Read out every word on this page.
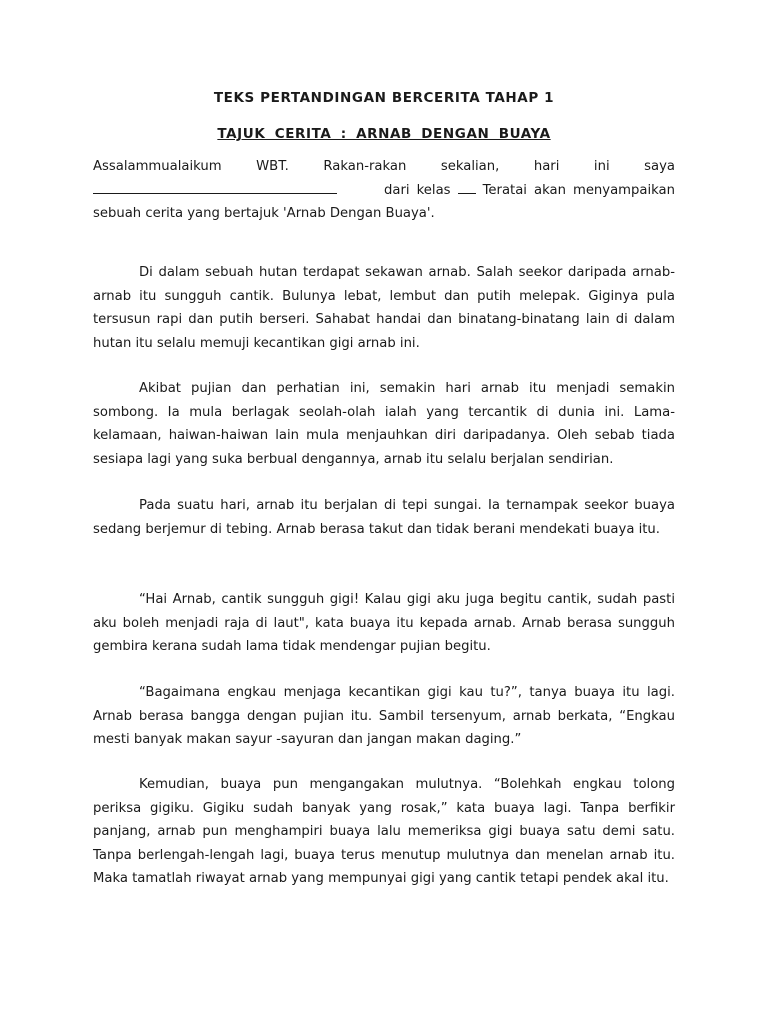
TEKS PERTANDINGAN BERCERITA TAHAP 1
TAJUK CERITA : ARNAB DENGAN BUAYA

Assalammualaikum WBT. Rakan-rakan sekalian, hari ini saya  dari kelas Teratai akan menyampaikan sebuah cerita yang bertajuk 'Arnab Dengan Buaya'.

Di dalam sebuah hutan terdapat sekawan arnab. Salah seekor daripada arnab-arnab itu sungguh cantik. Bulunya lebat, lembut dan putih melepak. Giginya pula tersusun rapi dan putih berseri. Sahabat handai dan binatang-binatang lain di dalam hutan itu selalu memuji kecantikan gigi arnab ini.

Akibat pujian dan perhatian ini, semakin hari arnab itu menjadi semakin sombong. Ia mula berlagak seolah-olah ialah yang tercantik di dunia ini. Lama-kelamaan, haiwan-haiwan lain mula menjauhkan diri daripadanya. Oleh sebab tiada sesiapa lagi yang suka berbual dengannya, arnab itu selalu berjalan sendirian.

Pada suatu hari, arnab itu berjalan di tepi sungai. Ia ternampak seekor buaya sedang berjemur di tebing. Arnab berasa takut dan tidak berani mendekati buaya itu.

“Hai Arnab, cantik sungguh gigi! Kalau gigi aku juga begitu cantik, sudah pasti aku boleh menjadi raja di laut", kata buaya itu kepada arnab. Arnab berasa sungguh gembira kerana sudah lama tidak mendengar pujian begitu.

“Bagaimana engkau menjaga kecantikan gigi kau tu?”, tanya buaya itu lagi. Arnab berasa bangga dengan pujian itu. Sambil tersenyum, arnab berkata, “Engkau mesti banyak makan sayur -sayuran dan jangan makan daging.”

Kemudian, buaya pun mengangakan mulutnya. “Bolehkah engkau tolong periksa gigiku. Gigiku sudah banyak yang rosak,” kata buaya lagi. Tanpa berfikir panjang, arnab pun menghampiri buaya lalu memeriksa gigi buaya satu demi satu. Tanpa berlengah-lengah lagi, buaya terus menutup mulutnya dan menelan arnab itu. Maka tamatlah riwayat arnab yang mempunyai gigi yang cantik tetapi pendek akal itu.
